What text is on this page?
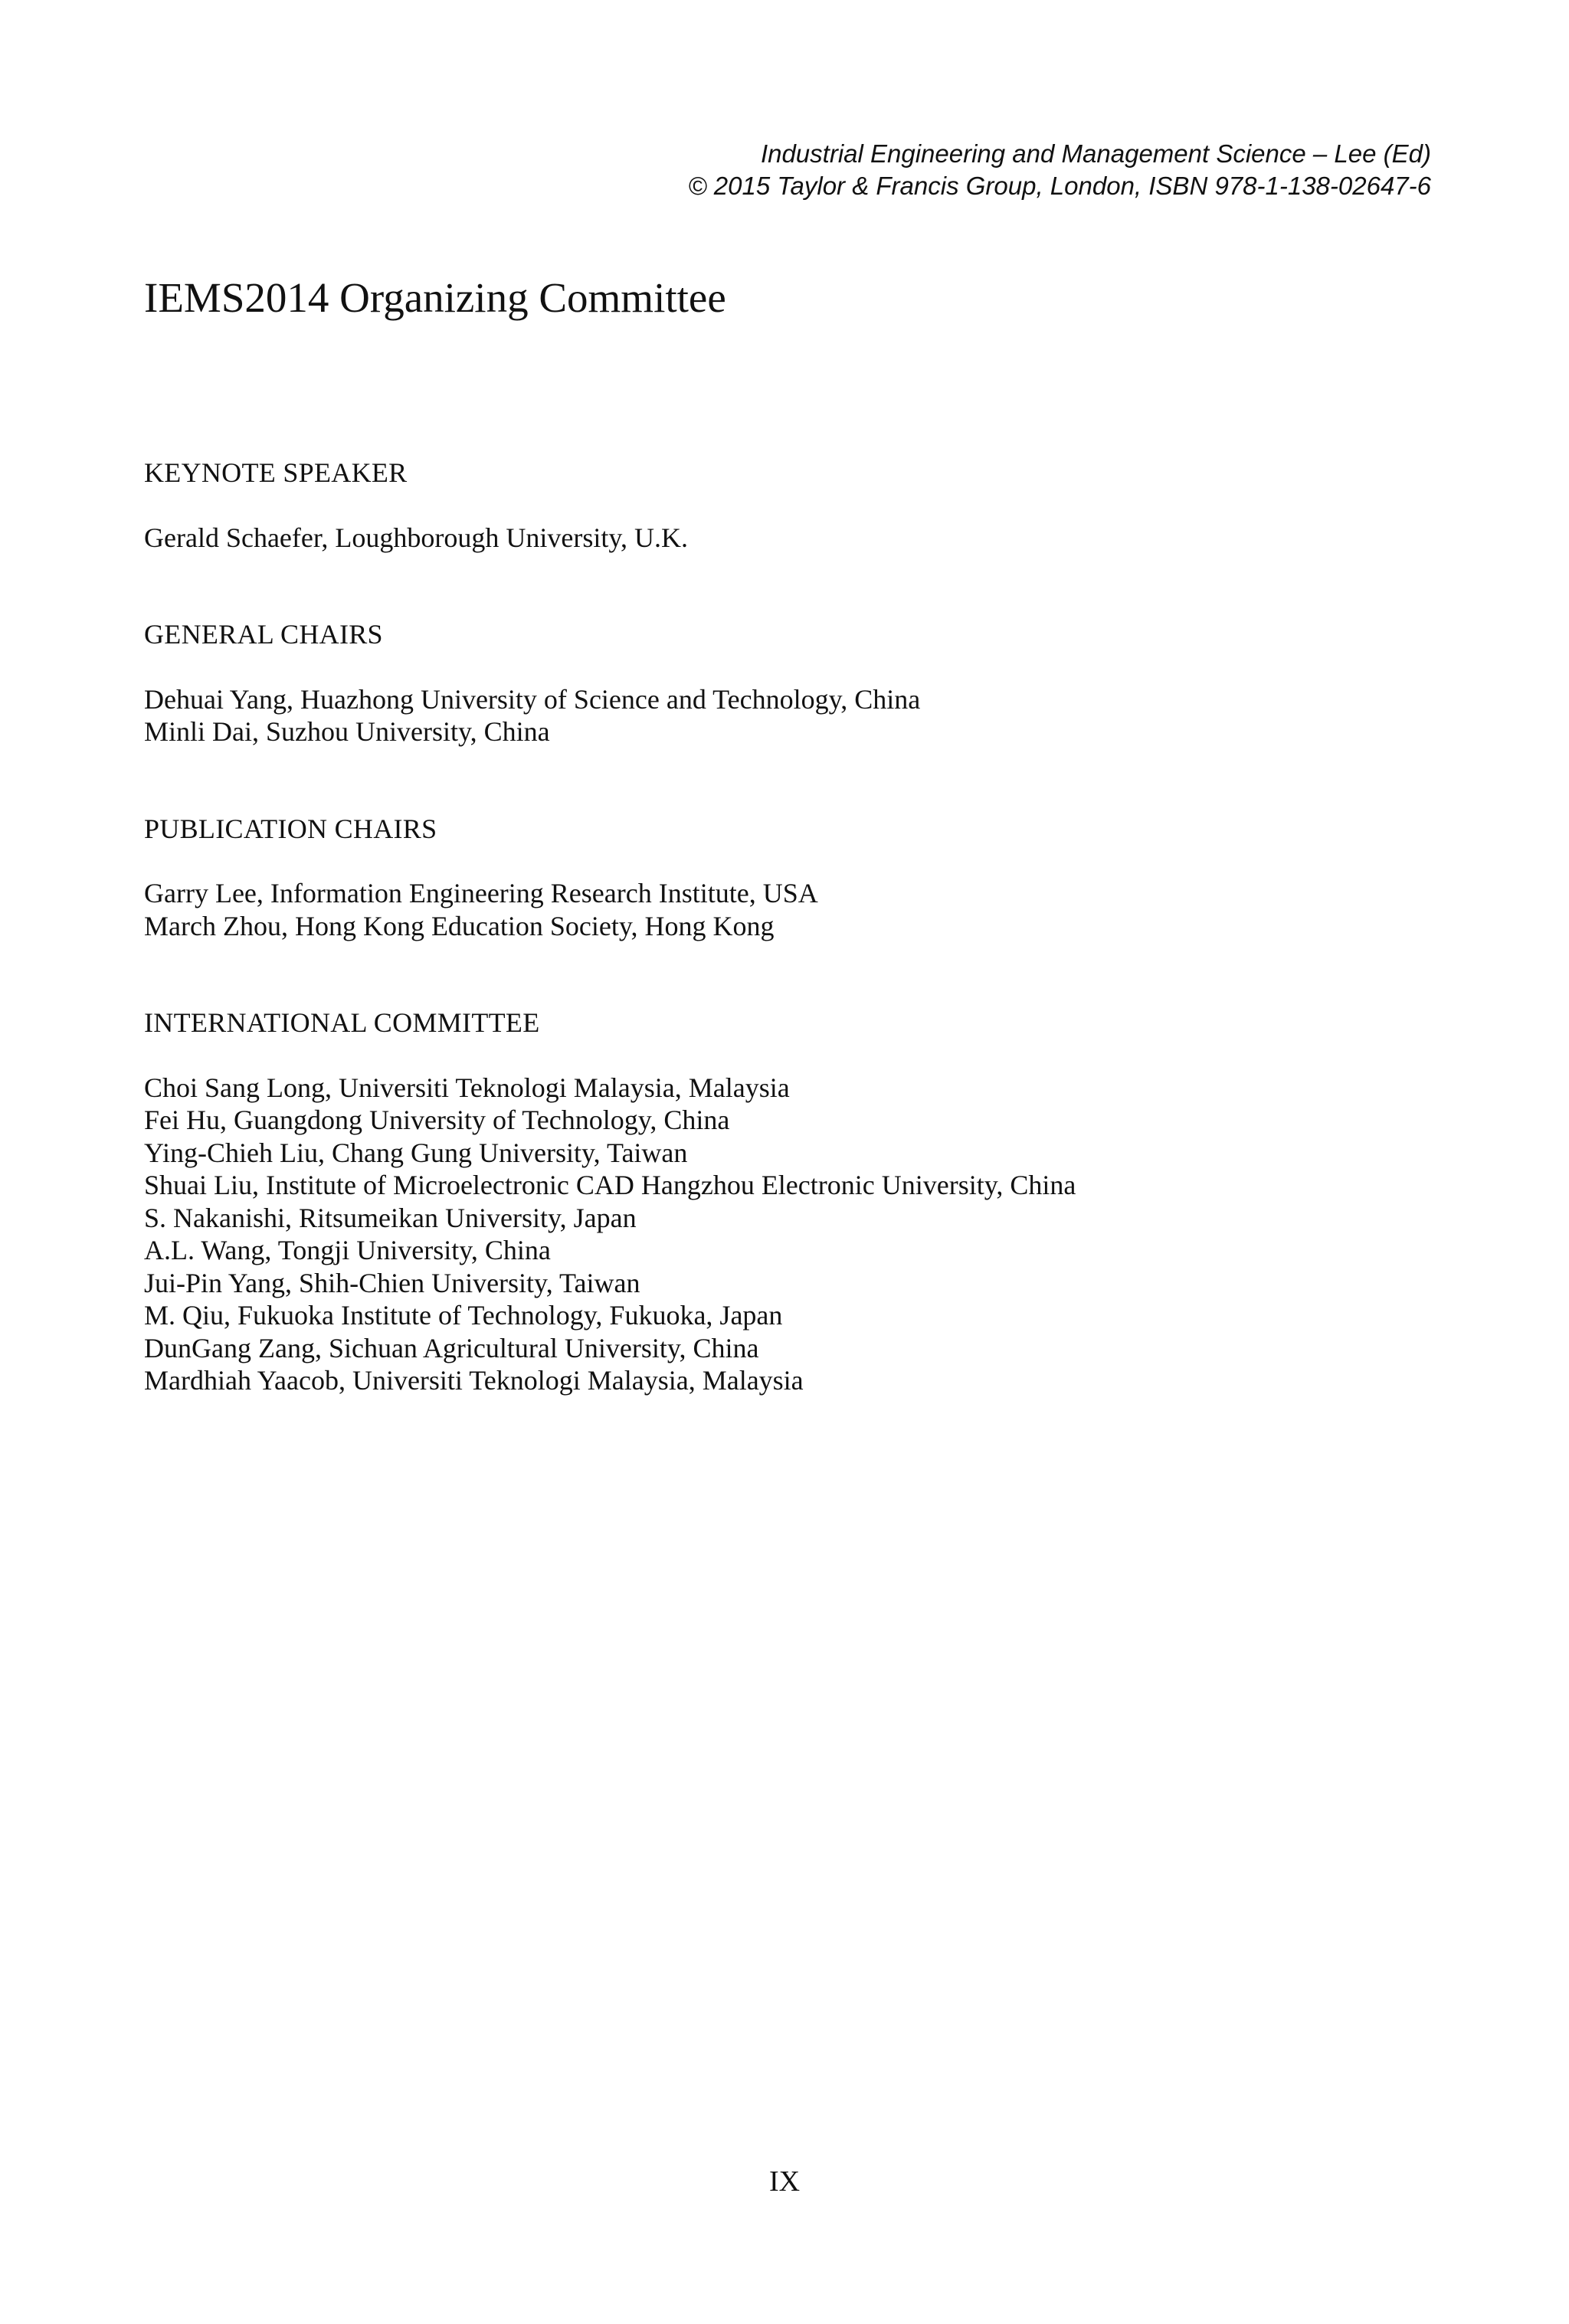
Industrial Engineering and Management Science – Lee (Ed)
© 2015 Taylor & Francis Group, London, ISBN 978-1-138-02647-6
IEMS2014 Organizing Committee
KEYNOTE SPEAKER
Gerald Schaefer, Loughborough University, U.K.
GENERAL CHAIRS
Dehuai Yang, Huazhong University of Science and Technology, China
Minli Dai, Suzhou University, China
PUBLICATION CHAIRS
Garry Lee, Information Engineering Research Institute, USA
March Zhou, Hong Kong Education Society, Hong Kong
INTERNATIONAL COMMITTEE
Choi Sang Long, Universiti Teknologi Malaysia, Malaysia
Fei Hu, Guangdong University of Technology, China
Ying-Chieh Liu, Chang Gung University, Taiwan
Shuai Liu, Institute of Microelectronic CAD Hangzhou Electronic University, China
S. Nakanishi, Ritsumeikan University, Japan
A.L. Wang, Tongji University, China
Jui-Pin Yang, Shih-Chien University, Taiwan
M. Qiu, Fukuoka Institute of Technology, Fukuoka, Japan
DunGang Zang, Sichuan Agricultural University, China
Mardhiah Yaacob, Universiti Teknologi Malaysia, Malaysia
IX
